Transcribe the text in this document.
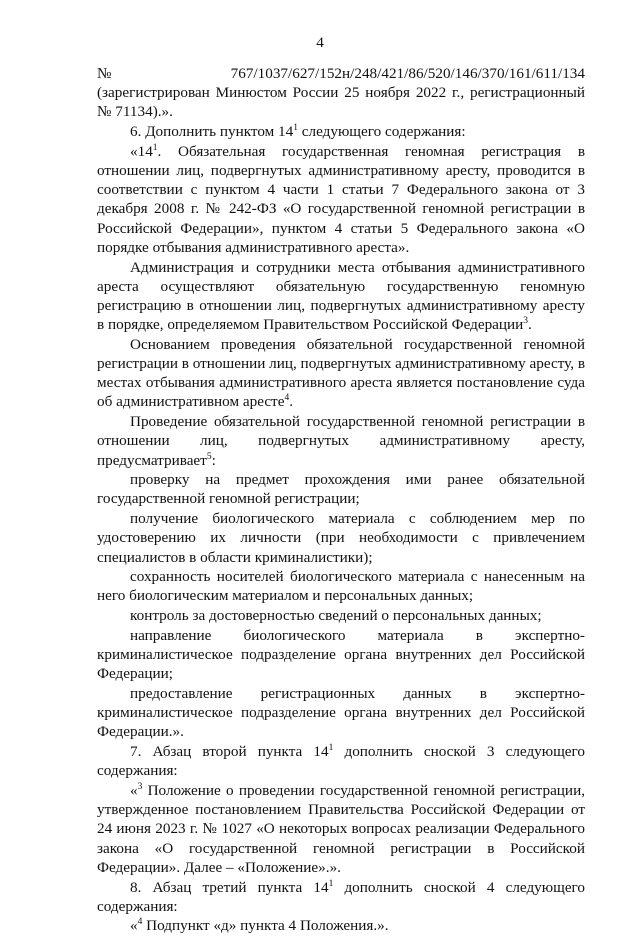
4

№ 767/1037/627/152н/248/421/86/520/146/370/161/611/134 (зарегистрирован Минюстом России 25 ноября 2022 г., регистрационный № 71134).».

6. Дополнить пунктом $14^1$ следующего содержания:

«$14^1$. Обязательная государственная геномная регистрация в отношении лиц, подвергнутых административному аресту, проводится в соответствии с пунктом 4 части 1 статьи 7 Федерального закона от 3 декабря 2008 г. № 242-ФЗ «О государственной геномной регистрации в Российской Федерации», пунктом 4 статьи 5 Федерального закона «О порядке отбывания административного ареста».

Администрация и сотрудники места отбывания административного ареста осуществляют обязательную государственную геномную регистрацию в отношении лиц, подвергнутых административному аресту в порядке, определяемом Правительством Российской Федерации$^3$.

Основанием проведения обязательной государственной геномной регистрации в отношении лиц, подвергнутых административному аресту, в местах отбывания административного ареста является постановление суда об административном аресте$^4$.

Проведение обязательной государственной геномной регистрации в отношении лиц, подвергнутых административному аресту, предусматривает$^5$:

проверку на предмет прохождения ими ранее обязательной государственной геномной регистрации;

получение биологического материала с соблюдением мер по удостоверению их личности (при необходимости с привлечением специалистов в области криминалистики);

сохранность носителей биологического материала с нанесенным на него биологическим материалом и персональных данных;

контроль за достоверностью сведений о персональных данных;

направление биологического материала в экспертно-криминалистическое подразделение органа внутренних дел Российской Федерации;

предоставление регистрационных данных в экспертно-криминалистическое подразделение органа внутренних дел Российской Федерации.».

7. Абзац второй пункта $14^1$ дополнить сноской 3 следующего содержания:

«$^3$ Положение о проведении государственной геномной регистрации, утвержденное постановлением Правительства Российской Федерации от 24 июня 2023 г. № 1027 «О некоторых вопросах реализации Федерального закона «О государственной геномной регистрации в Российской Федерации». Далее – «Положение».».

8. Абзац третий пункта $14^1$ дополнить сноской 4 следующего содержания:

«$^4$ Подпункт «д» пункта 4 Положения.».
